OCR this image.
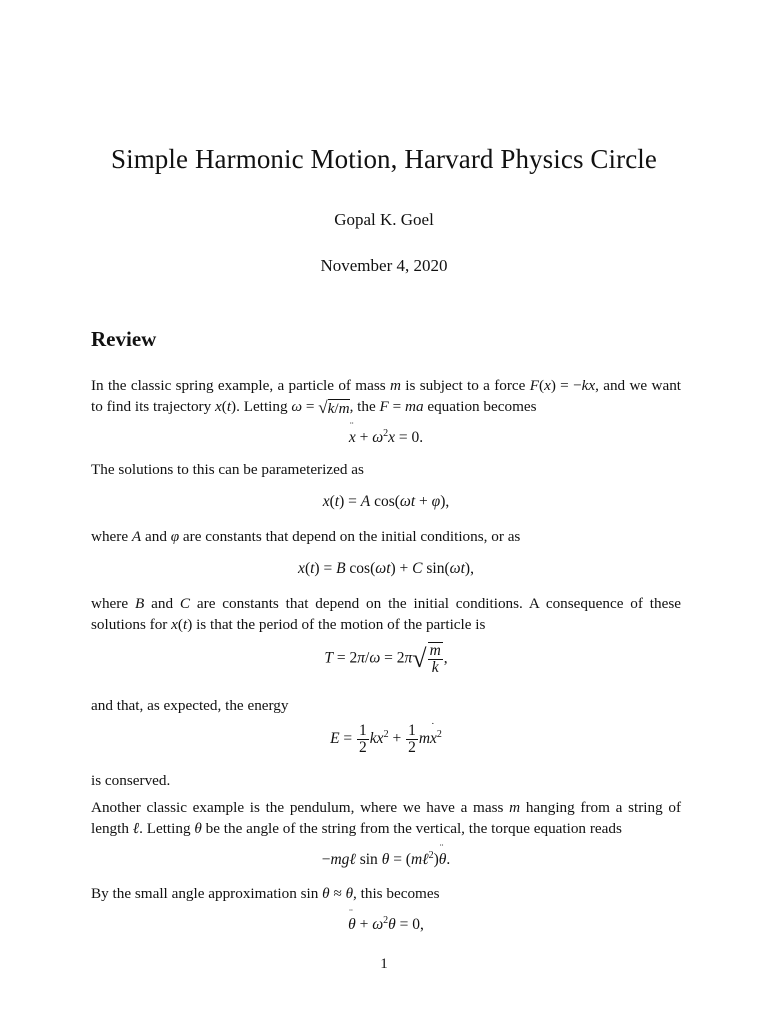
Simple Harmonic Motion, Harvard Physics Circle
Gopal K. Goel
November 4, 2020
Review
In the classic spring example, a particle of mass m is subject to a force F(x) = −kx, and we want to find its trajectory x(t). Letting ω = √k/m, the F = ma equation becomes
x
¨
+ $\omega^2x = 0$.
The solutions to this can be parameterized as
x(t) = A cos(ωt + φ),
where A and φ are constants that depend on the initial conditions, or as
x(t) = B cos(ωt) + C sin(ωt),
where B and C are constants that depend on the initial conditions. A consequence of these solutions for x(t) is that the period of the motion of the particle is
$T = 2\pi/\omega = 2\pi√ \frac{m}{k}$ ,
and that, as expected, the energy
$E = \frac{1}{2} kx^2 + \frac{1}{2}$ mx
˙
$^2$
is conserved.
Another classic example is the pendulum, where we have a mass m hanging from a string of length ℓ. Letting θ be the angle of the string from the vertical, the torque equation reads
−mgℓ sin θ = (mℓ$^2$)θ
¨
.
By the small angle approximation sin θ ≈ θ, this becomes
θ
¨
+ $\omega^2\theta = 0$,
1
